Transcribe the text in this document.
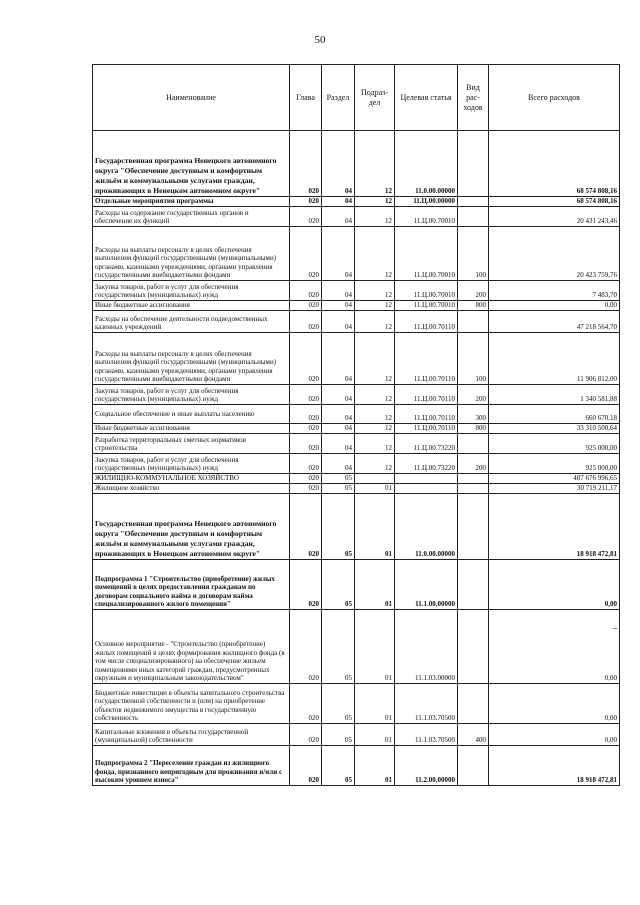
50
Наименование	Глава	Раздел	Подраз-дел	Целевая статья	Вид рас-ходов	Всего расходов
Государственная программа Ненецкого автономного округа "Обеспечение доступным и комфортным жильём и коммунальными услугами граждан, проживающих в Ненецком автономном округе"	020	04	12	11.0.00.00000		68 574 808,16
Отдельные мероприятия программы	020	04	12	11.Ц.00.00000		68 574 808,16
Расходы на содержание государственных органов и обеспечение их функций	020	04	12	11.Ц.00.70010		20 431 243,46
Расходы на выплаты персоналу в целях обеспечения выполнения функций государственными (муниципальными) органами, казенными учреждениями, органами управления государственными внебюджетными фондами	020	04	12	11.Ц.00.70010	100	20 423 759,76
Закупка товаров, работ и услуг для обеспечения государственных (муниципальных) нужд	020	04	12	11.Ц.00.70010	200	7 483,70
Иные бюджетные ассигнования	020	04	12	11.Ц.00.70010	800	0,00
Расходы на обеспечение деятельности подведомственных казенных учреждений	020	04	12	11.Ц.00.70110		47 218 564,70
Расходы на выплаты персоналу в целях обеспечения выполнения функций государственными (муниципальными) органами, казенными учреждениями, органами управления государственными внебюджетными фондами	020	04	12	11.Ц.00.70110	100	11 906 812,00
Закупка товаров, работ и услуг для обеспечения государственных (муниципальных) нужд	020	04	12	11.Ц.00.70110	200	1 340 581,88
Социальное обеспечение и иные выплаты населению	020	04	12	11.Ц.00.70110	300	660 670,18
Иные бюджетные ассигнования	020	04	12	11.Ц.00.70110	800	33 310 500,64
Разработка территориальных сметных нормативов строительства	020	04	12	11.Ц.00.73220		925 000,00
Закупка товаров, работ и услуг для обеспечения государственных (муниципальных) нужд	020	04	12	11.Ц.00.73220	200	925 000,00
ЖИЛИЩНО-КОММУНАЛЬНОЕ ХОЗЯЙСТВО	020	05				487 676 996,65
Жилищное хозяйство	020	05	01			30 719 211,17
Государственная программа Ненецкого автономного округа "Обеспечение доступным и комфортным жильём и коммунальными услугами граждан, проживающих в Ненецком автономном округе"	020	05	01	11.0.00.00000		18 918 472,81
Подпрограмма 1 "Строительство (приобретение) жилых помещений в целях предоставления гражданам по договорам социального найма и договорам найма специализированного жилого помещения"	020	05	01	11.1.00.00000		0,00
Основное мероприятие - "Строительство (приобретение) жилых помещений в целях формирования жилищного фонда (в том числе специализированного) на обеспечение жильем помещениями иных категорий граждан, предусмотренных окружным и муниципальным законодательством"	020	05	01	11.1.03.00000		0,00
Бюджетные инвестиции в объекты капитального строительства государственной собственности и (или) на приобретение объектов недвижимого имущества в государственную собственность	020	05	01	11.1.03.70500		0,00
Капитальные вложения в объекты государственной (муниципальной) собственности	020	05	01	11.1.03.70500	400	0,00
Подпрограмма 2 "Переселение граждан из жилищного фонда, признанного непригодным для проживания и/или с высоким уровнем износа"	020	05	01	11.2.00.00000		18 918 472,81
